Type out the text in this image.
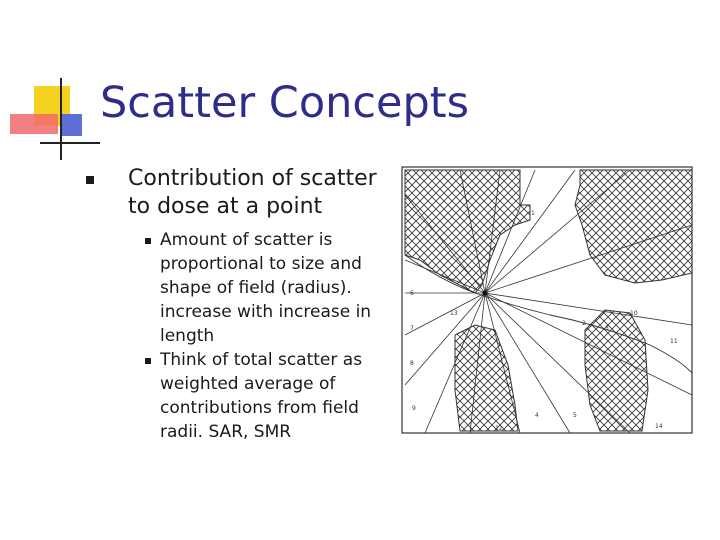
Scatter Concepts
Contribution of scatter to dose at a point
Amount of scatter is proportional to size and shape of field (radius). increase with increase in length
Think of total scatter as weighted average of contributions from field radii. SAR, SMR
1
2
3
4	5
6
7
8
9
10
11
12
13
14
